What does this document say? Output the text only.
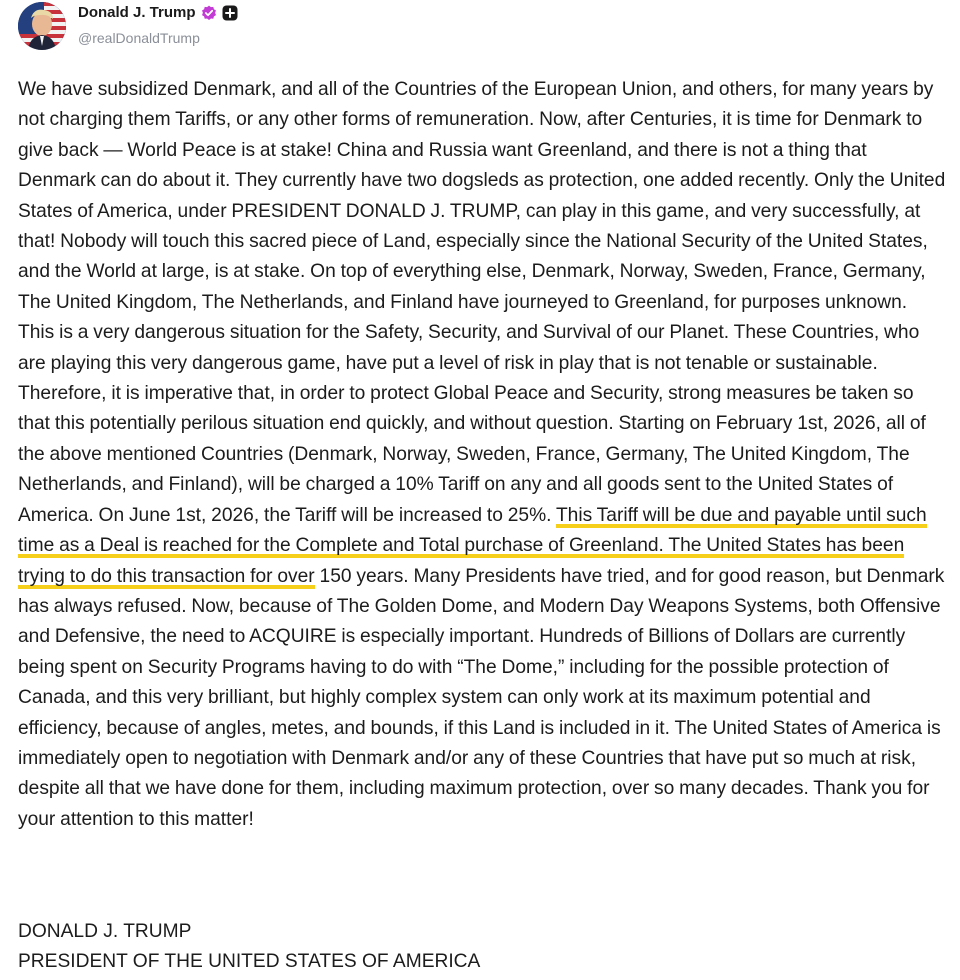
Donald J. Trump
@realDonaldTrump

We have subsidized Denmark, and all of the Countries of the European Union, and others, for many years by not charging them Tariffs, or any other forms of remuneration. Now, after Centuries, it is time for Denmark to give back — World Peace is at stake! China and Russia want Greenland, and there is not a thing that Denmark can do about it. They currently have two dogsleds as protection, one added recently. Only the United States of America, under PRESIDENT DONALD J. TRUMP, can play in this game, and very successfully, at that! Nobody will touch this sacred piece of Land, especially since the National Security of the United States, and the World at large, is at stake. On top of everything else, Denmark, Norway, Sweden, France, Germany, The United Kingdom, The Netherlands, and Finland have journeyed to Greenland, for purposes unknown. This is a very dangerous situation for the Safety, Security, and Survival of our Planet. These Countries, who are playing this very dangerous game, have put a level of risk in play that is not tenable or sustainable. Therefore, it is imperative that, in order to protect Global Peace and Security, strong measures be taken so that this potentially perilous situation end quickly, and without question. Starting on February 1st, 2026, all of the above mentioned Countries (Denmark, Norway, Sweden, France, Germany, The United Kingdom, The Netherlands, and Finland), will be charged a 10% Tariff on any and all goods sent to the United States of America. On June 1st, 2026, the Tariff will be increased to 25%. This Tariff will be due and payable until such time as a Deal is reached for the Complete and Total purchase of Greenland. The United States has been trying to do this transaction for over 150 years. Many Presidents have tried, and for good reason, but Denmark has always refused. Now, because of The Golden Dome, and Modern Day Weapons Systems, both Offensive and Defensive, the need to ACQUIRE is especially important. Hundreds of Billions of Dollars are currently being spent on Security Programs having to do with “The Dome,” including for the possible protection of Canada, and this very brilliant, but highly complex system can only work at its maximum potential and efficiency, because of angles, metes, and bounds, if this Land is included in it. The United States of America is immediately open to negotiation with Denmark and/or any of these Countries that have put so much at risk, despite all that we have done for them, including maximum protection, over so many decades. Thank you for your attention to this matter!

DONALD J. TRUMP
PRESIDENT OF THE UNITED STATES OF AMERICA
